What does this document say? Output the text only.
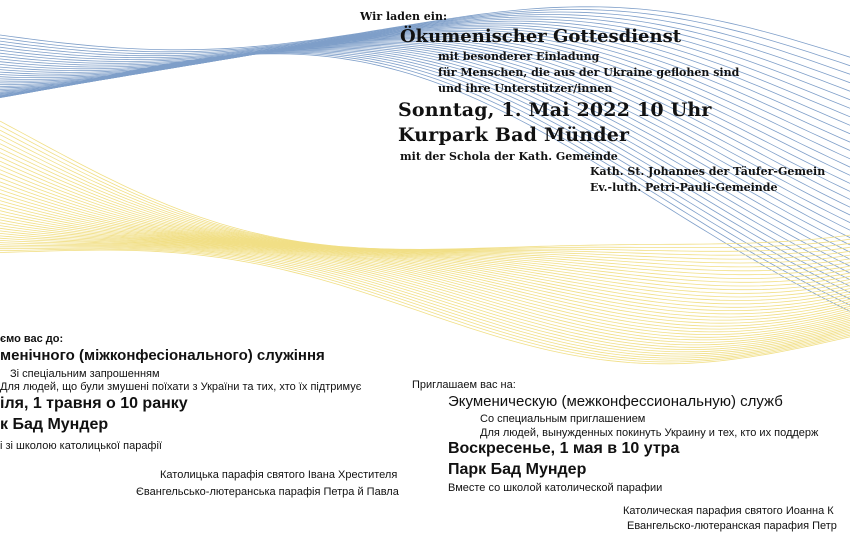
Wir laden ein:

Ökumenischer Gottesdienst

mit besonderer Einladung

für Menschen, die aus der Ukraine geflohen sind

und ihre Unterstützer/innen

Sonntag, 1. Mai 2022 10 Uhr

Kurpark Bad Münder

mit der Schola der Kath. Gemeinde

Kath. St. Johannes der Täufer-Gemein

Ev.-luth. Petri-Pauli-Gemeinde

ємо вас до:

менічного (міжконфесіонального) служіння

Зі спеціальним запрошенням

Для людей, що були змушені поїхати з України та тих, хто їх підтримує

іля, 1 травня о 10 ранку

к Бад Мундер

і зі школою католицької парафії

Католицька парафія святого Івана Хрестителя

Євангельсько-лютеранська парафія Петра й Павла

Приглашаем вас на:

Экуменическую (межконфессиональную) служб

Со специальным приглашением

Для людей, вынужденных покинуть Украину и тех, кто их поддерж

Воскресенье, 1 мая в 10 утра

Парк Бад Мундер

Вместе со школой католической парафии

Католическая парафия святого Иоанна К

Евангельско-лютеранская парафия Петр
